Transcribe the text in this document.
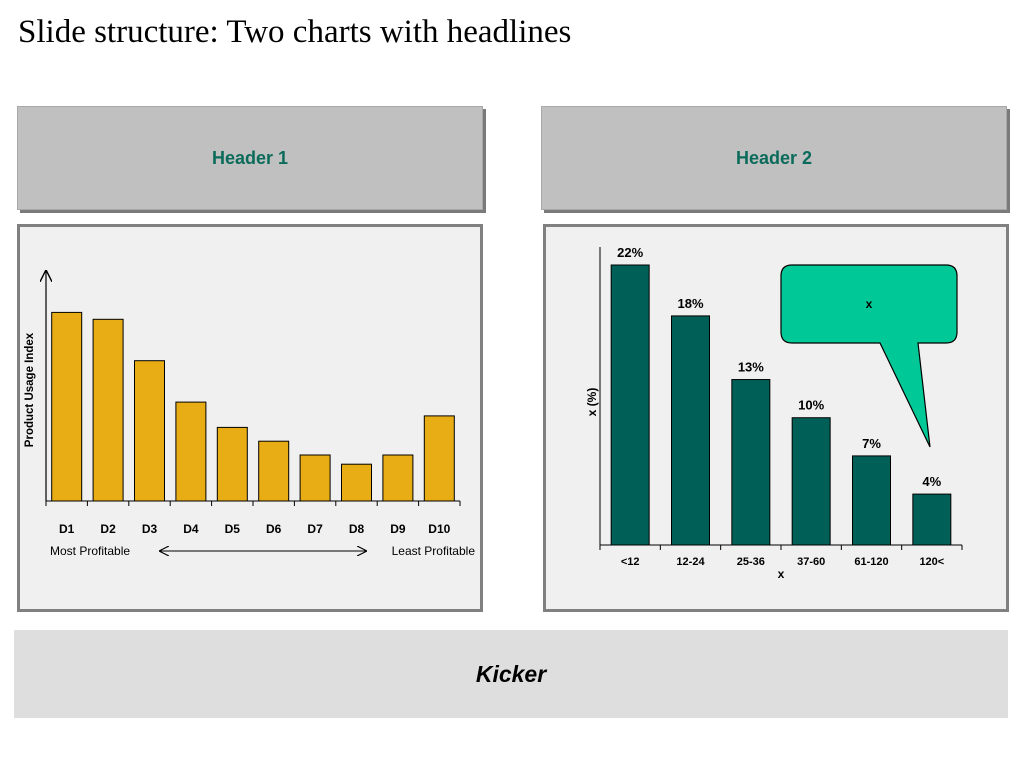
Slide structure: Two charts with headlines
Header 1	Header 2
D1 D2 D3 D4 D5 D6 D7 D8 D9 D10
Product Usage Index
Most Profitable	Least Profitable
22%
<12
18%
12-24
13%
25-36
10%
37-60
7%
61-120
4%
120<
x
x (%)
x
Kicker
